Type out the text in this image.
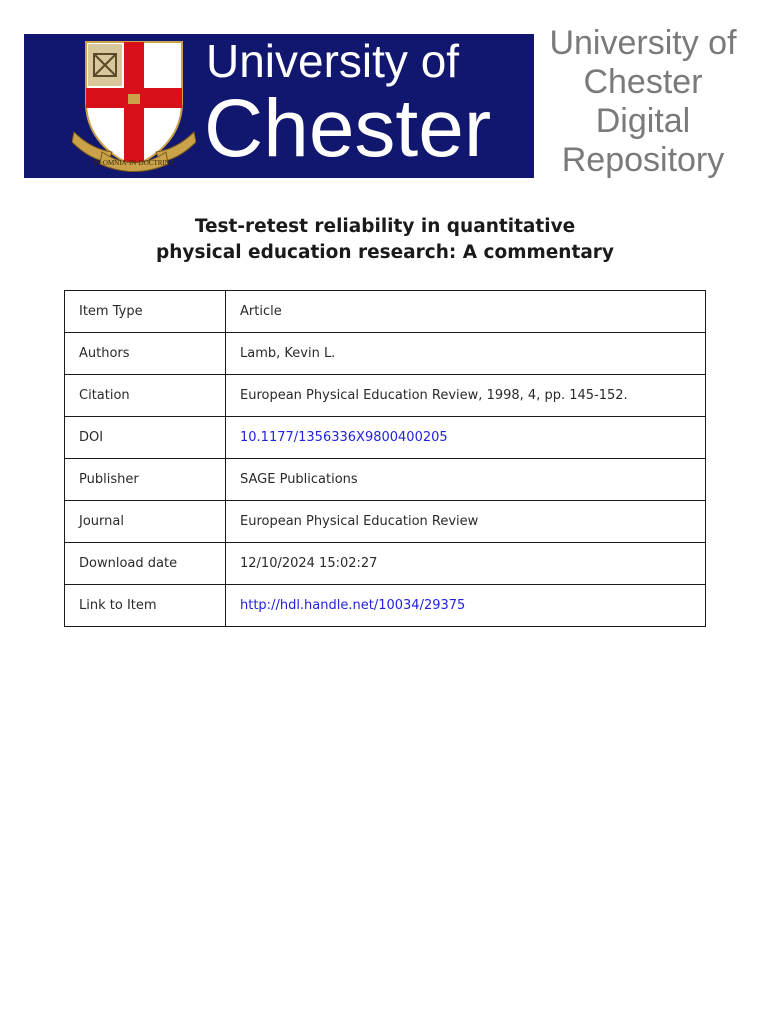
IN·OMNIA·IN·DOCTRINA
University of
Chester
University of
Chester
Digital
Repository
Test-retest reliability in quantitative
physical education research: A commentary
Item Type	Article
Authors	Lamb, Kevin L.
Citation	European Physical Education Review, 1998, 4, pp. 145-152.
DOI	10.1177/1356336X9800400205
Publisher	SAGE Publications
Journal	European Physical Education Review
Download date	12/10/2024 15:02:27
Link to Item	http://hdl.handle.net/10034/29375
